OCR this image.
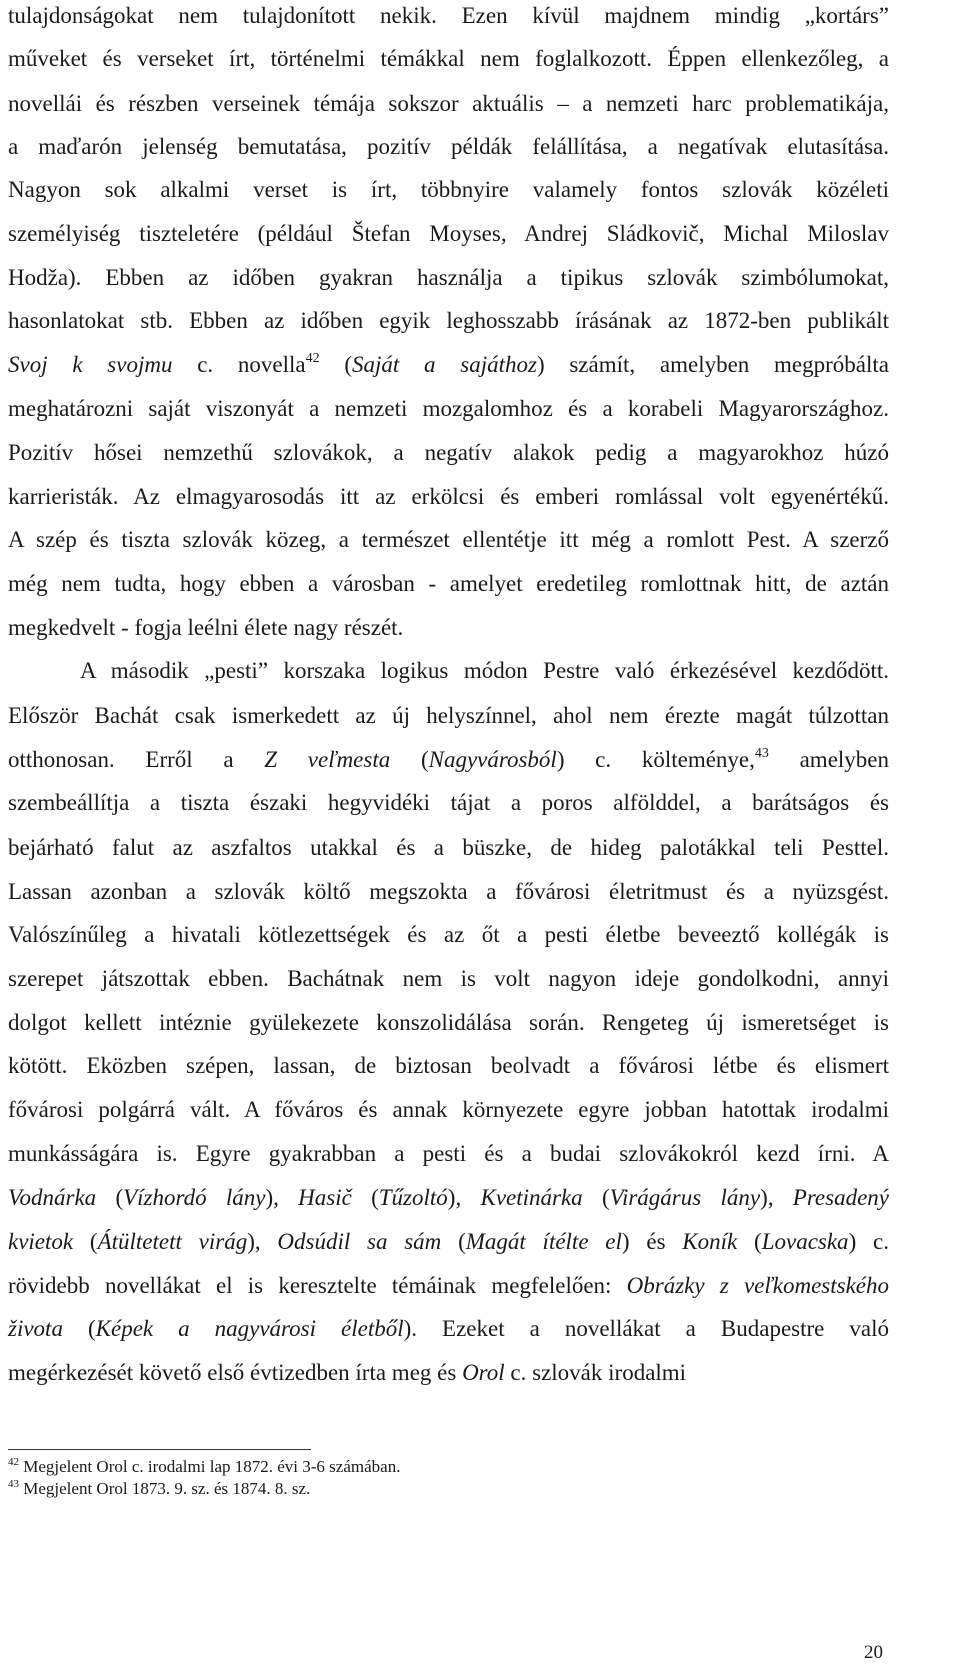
tulajdonságokat nem tulajdonított nekik. Ezen kívül majdnem mindig „kortárs”
műveket és verseket írt, történelmi témákkal nem foglalkozott. Éppen ellenkezőleg, a
novellái és részben verseinek témája sokszor aktuális – a nemzeti harc problematikája,
a maďarón jelenség bemutatása, pozitív példák felállítása, a negatívak elutasítása.
Nagyon sok alkalmi verset is írt, többnyire valamely fontos szlovák közéleti
személyiség tiszteletére (például Štefan Moyses, Andrej Sládkovič, Michal Miloslav
Hodža). Ebben az időben gyakran használja a tipikus szlovák szimbólumokat,
hasonlatokat stb. Ebben az időben egyik leghosszabb írásának az 1872-ben publikált
Svoj k svojmu c. novella$^{42}$ (Saját a sajáthoz) számít, amelyben megpróbálta
meghatározni saját viszonyát a nemzeti mozgalomhoz és a korabeli Magyarországhoz.
Pozitív hősei nemzethű szlovákok, a negatív alakok pedig a magyarokhoz húzó
karrieristák. Az elmagyarosodás itt az erkölcsi és emberi romlással volt egyenértékű.
A szép és tiszta szlovák közeg, a természet ellentétje itt még a romlott Pest. A szerző
még nem tudta, hogy ebben a városban - amelyet eredetileg romlottnak hitt, de aztán
megkedvelt - fogja leélni élete nagy részét.
A második „pesti” korszaka logikus módon Pestre való érkezésével kezdődött.
Először Bachát csak ismerkedett az új helyszínnel, ahol nem érezte magát túlzottan
otthonosan. Erről a Z veľmesta (Nagyvárosból) c. költeménye,$^{43}$ amelyben
szembeállítja a tiszta északi hegyvidéki tájat a poros alfölddel, a barátságos és
bejárható falut az aszfaltos utakkal és a büszke, de hideg palotákkal teli Pesttel.
Lassan azonban a szlovák költő megszokta a fővárosi életritmust és a nyüzsgést.
Valószínűleg a hivatali kötlezettségek és az őt a pesti életbe beveeztő kollégák is
szerepet játszottak ebben. Bachátnak nem is volt nagyon ideje gondolkodni, annyi
dolgot kellett intéznie gyülekezete konszolidálása során. Rengeteg új ismeretséget is
kötött. Eközben szépen, lassan, de biztosan beolvadt a fővárosi létbe és elismert
fővárosi polgárrá vált. A főváros és annak környezete egyre jobban hatottak irodalmi
munkásságára is. Egyre gyakrabban a pesti és a budai szlovákokról kezd írni. A
Vodnárka (Vízhordó lány), Hasič (Tűzoltó), Kvetinárka (Virágárus lány), Presadený
kvietok (Átültetett virág), Odsúdil sa sám (Magát ítélte el) és Koník (Lovacska) c.
rövidebb novellákat el is keresztelte témáinak megfelelően: Obrázky z veľkomestského
života (Képek a nagyvárosi életből). Ezeket a novellákat a Budapestre való
megérkezését követő első évtizedben írta meg és Orol c. szlovák irodalmi
$^{42}$ Megjelent Orol c. irodalmi lap 1872. évi 3-6 számában.
$^{43}$ Megjelent Orol 1873. 9. sz. és 1874. 8. sz.
20
